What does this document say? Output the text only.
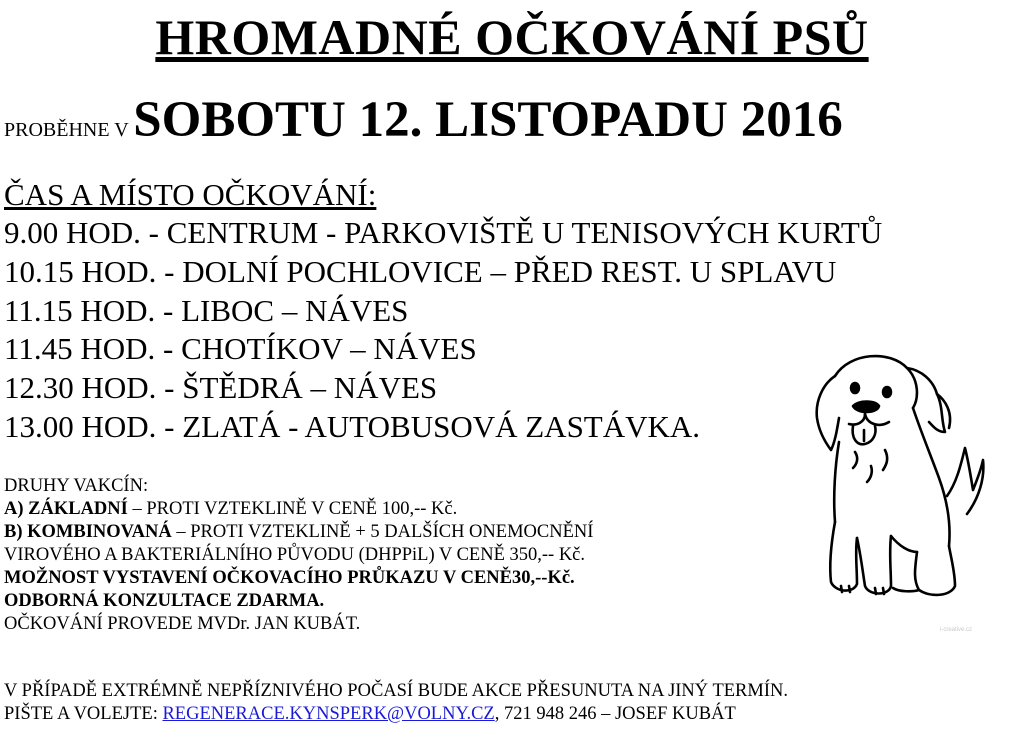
HROMADNÉ OČKOVÁNÍ PSŮ
PROBĚHNE V SOBOTU 12. LISTOPADU 2016
ČAS A MÍSTO OČKOVÁNÍ:
9.00 HOD. - CENTRUM - PARKOVIŠTĚ U TENISOVÝCH KURTŮ
10.15 HOD. - DOLNÍ POCHLOVICE – PŘED REST. U SPLAVU
11.15 HOD. - LIBOC – NÁVES
11.45 HOD. - CHOTÍKOV – NÁVES
12.30 HOD. - ŠTĚDRÁ – NÁVES
13.00 HOD. - ZLATÁ - AUTOBUSOVÁ ZASTÁVKA.
DRUHY VAKCÍN:
A) ZÁKLADNÍ – PROTI VZTEKLINĚ V CENĚ 100,-- Kč.
B) KOMBINOVANÁ – PROTI VZTEKLINĚ + 5 DALŠÍCH ONEMOCNĚNÍ
VIROVÉHO A BAKTERIÁLNÍHO PŮVODU (DHPPiL) V CENĚ 350,-- Kč.
MOŽNOST VYSTAVENÍ OČKOVACÍHO PRŮKAZU V CENĚ30,--Kč.
ODBORNÁ KONZULTACE ZDARMA.
OČKOVÁNÍ PROVEDE MVDr. JAN KUBÁT.
V PŘÍPADĚ EXTRÉMNĚ NEPŘÍZNIVÉHO POČASÍ BUDE AKCE PŘESUNUTA NA JINÝ TERMÍN.
PIŠTE A VOLEJTE: REGENERACE.KYNSPERK@VOLNY.CZ, 721 948 246 – JOSEF KUBÁT
i-creative.cz
